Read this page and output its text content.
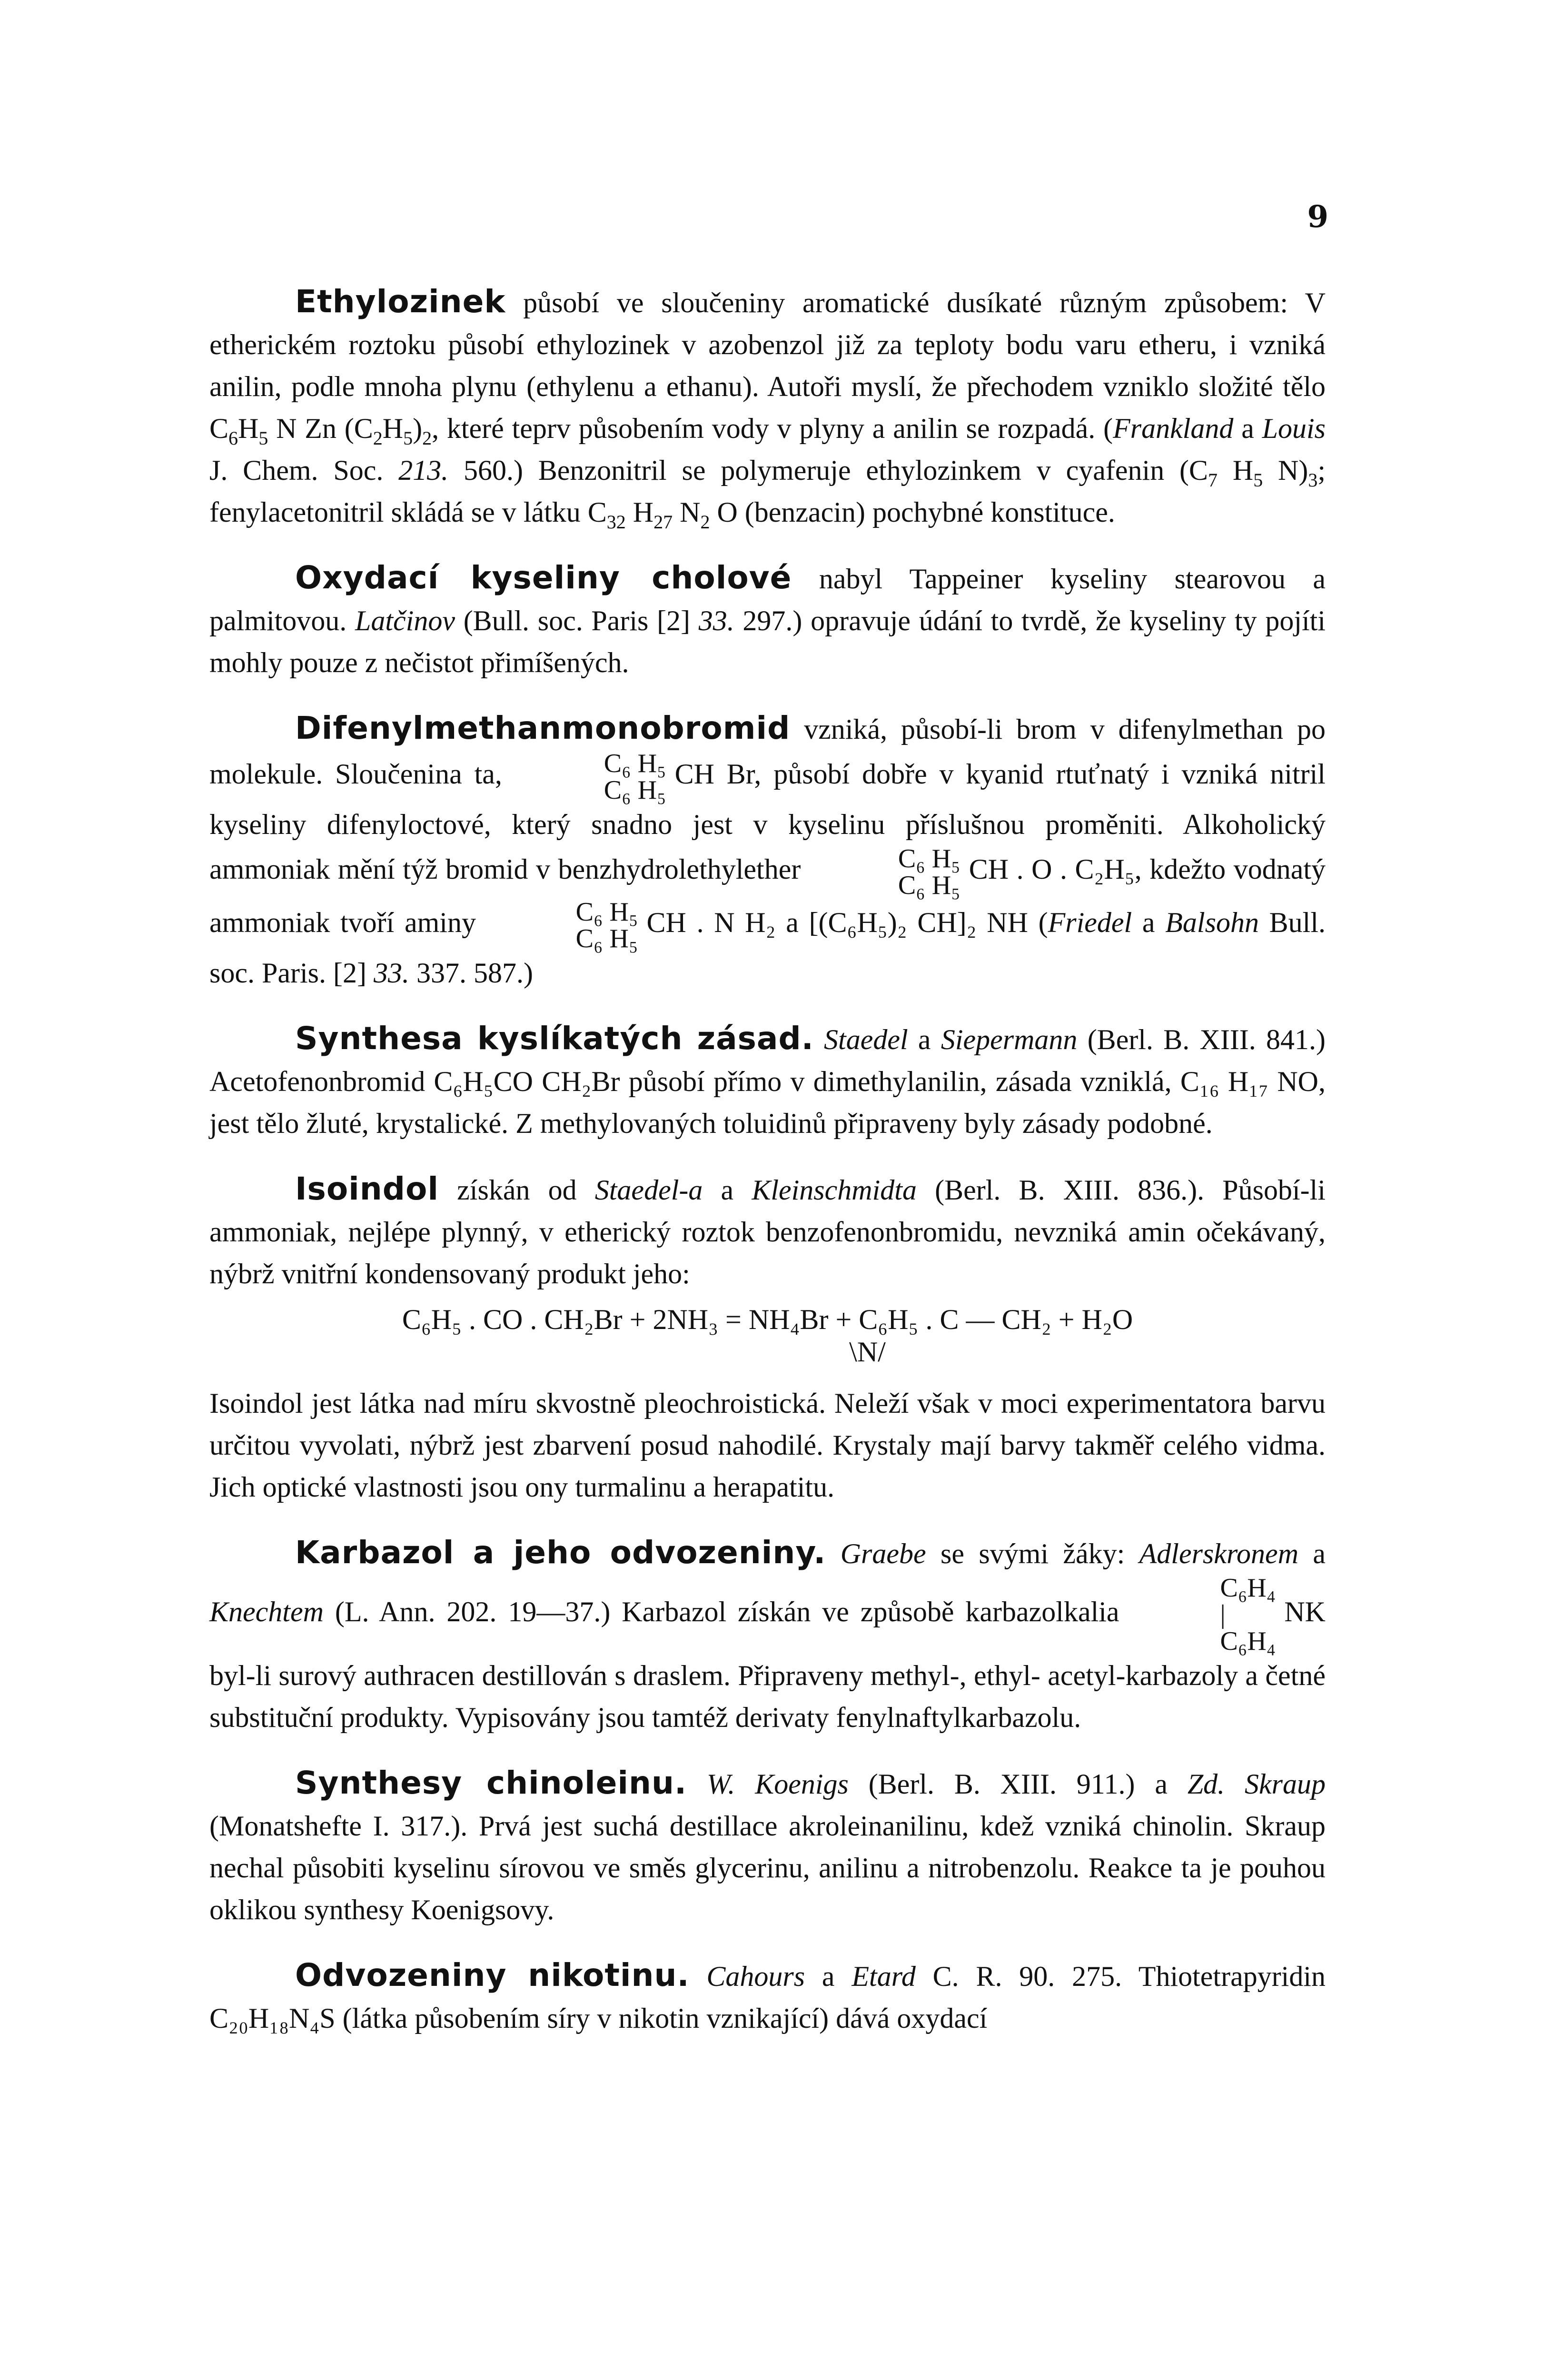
9

Ethylozinek působí ve sloučeniny aromatické dusíkaté různým způsobem: V etherickém roztoku působí ethylozinek v azobenzol již za teploty bodu varu etheru, i vzniká anilin, podle mnoha plynu (ethylenu a ethanu). Autoři myslí, že přechodem vzniklo složité tělo $C_6H_5$ N Zn $(C_2H_5)_2$, které teprv působením vody v plyny a anilin se rozpadá. (Frankland a Louis J. Chem. Soc. 213. 560.) Benzonitril se polymeruje ethylozinkem v cyafenin ($C_7$ $H_5$ $N)_3$; fenylacetonitril skládá se v látku $C_{32}$ $H_{27}$ $N_2$ O (benzacin) pochybné konstituce.

Oxydací kyseliny cholové nabyl Tappeiner kyseliny stearovou a palmitovou. Latčinov (Bull. soc. Paris [2] 33. 297.) opravuje údání to tvrdě, že kyseliny ty pojíti mohly pouze z nečistot přimíšených.

Difenylmethanmonobromid vzniká, působí-li brom v difenylmethan po molekule. Sloučenina ta,	C₆ H₅
C₆ H₅
CH Br, působí dobře v kyanid rtuťnatý i vzniká nitril kyseliny difenyloctové, který snadno jest v kyselinu příslušnou proměniti. Alkoholický ammoniak mění týž bromid v benzhydrolethylether	C₆ H₅
C₆ H₅
CH . O . C₂H₅, kdežto vodnatý ammoniak tvoří aminy	C₆ H₅
C₆ H₅
CH . N H₂ a [(C₆H₅)₂ CH]₂ NH (Friedel a Balsohn Bull. soc. Paris. [2] 33. 337. 587.)

Synthesa kyslíkatých zásad. Staedel a Siepermann (Berl. B. XIII. 841.) Acetofenonbromid C₆H₅CO CH₂Br působí přímo v dimethylanilin, zásada vzniklá, C₁₆ H₁₇ NO, jest tělo žluté, krystalické. Z methylovaných toluidinů připraveny byly zásady podobné.

Isoindol získán od Staedel-a a Kleinschmidta (Berl. B. XIII. 836.). Působí-li ammoniak, nejlépe plynný, v etherický roztok benzofenonbromidu, nevzniká amin očekávaný, nýbrž vnitřní kondensovaný produkt jeho:
C₆H₅ . CO . CH₂Br + 2NH₃ = NH₄Br + C₆H₅ . C — CH₂ + H₂O
\N/
Isoindol jest látka nad míru skvostně pleochroistická. Neleží však v moci experimentatora barvu určitou vyvolati, nýbrž jest zbarvení posud nahodilé. Krystaly mají barvy takměř celého vidma. Jich optické vlastnosti jsou ony turmalinu a herapatitu.

Karbazol a jeho odvozeniny. Graebe se svými žáky: Adlerskronem a Knechtem (L. Ann. 202. 19—37.) Karbazol získán ve způsobě karbazolkalia
C₆H₄
|
C₆H₄
NK byl-li surový authracen destillován s draslem. Připraveny methyl-, ethyl- acetyl-karbazoly a četné substituční produkty. Vypisovány jsou tamtéž derivaty fenylnaftylkarbazolu.

Synthesy chinoleinu. W. Koenigs (Berl. B. XIII. 911.) a Zd. Skraup (Monatshefte I. 317.). Prvá jest suchá destillace akroleinanilinu, kdež vzniká chinolin. Skraup nechal působiti kyselinu sírovou ve směs glycerinu, anilinu a nitrobenzolu. Reakce ta je pouhou oklikou synthesy Koenigsovy.

Odvozeniny nikotinu. Cahours a Etard C. R. 90. 275. Thiotetrapyridin C₂₀H₁₈N₄S (látka působením síry v nikotin vznikající) dává oxydací
